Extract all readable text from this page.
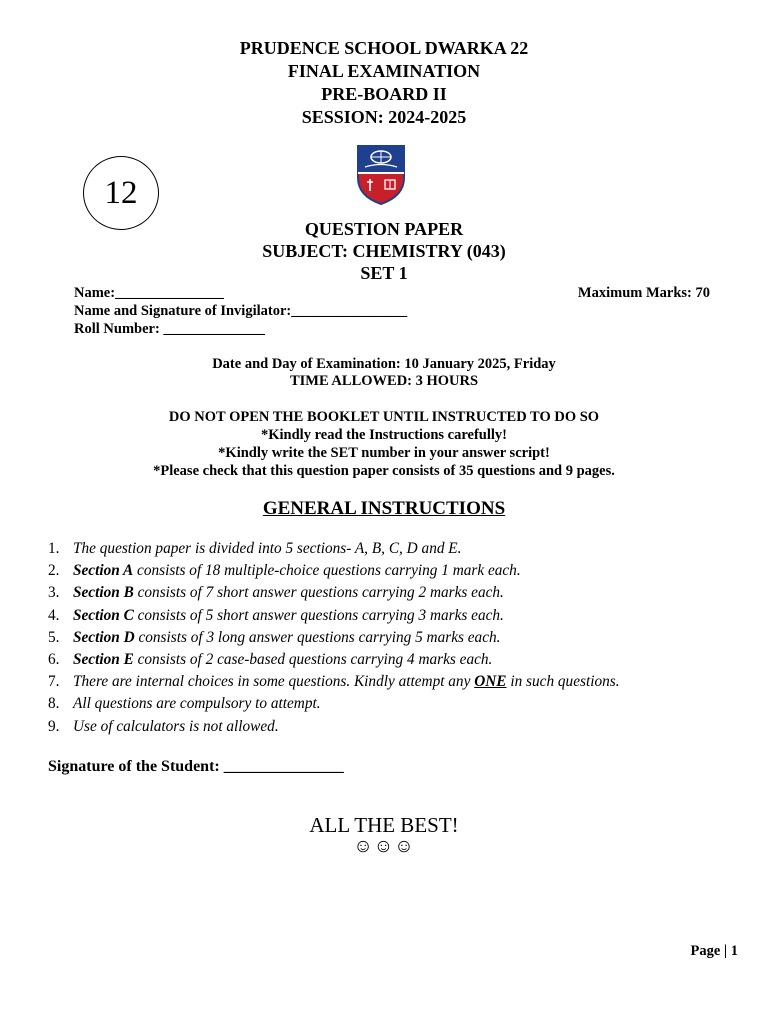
PRUDENCE SCHOOL DWARKA 22
FINAL EXAMINATION
PRE-BOARD II
SESSION: 2024-2025
12
QUESTION PAPER
SUBJECT: CHEMISTRY (043)
SET 1
Name:_______________	Maximum Marks: 70
Name and Signature of Invigilator:________________
Roll Number: ______________
Date and Day of Examination: 10 January 2025, Friday
TIME ALLOWED: 3 HOURS
DO NOT OPEN THE BOOKLET UNTIL INSTRUCTED TO DO SO
*Kindly read the Instructions carefully!
*Kindly write the SET number in your answer script!
*Please check that this question paper consists of 35 questions and 9 pages.
GENERAL INSTRUCTIONS
1. The question paper is divided into 5 sections- A, B, C, D and E.
2. Section A consists of 18 multiple-choice questions carrying 1 mark each.
3. Section B consists of 7 short answer questions carrying 2 marks each.
4. Section C consists of 5 short answer questions carrying 3 marks each.
5. Section D consists of 3 long answer questions carrying 5 marks each.
6. Section E consists of 2 case-based questions carrying 4 marks each.
7. There are internal choices in some questions. Kindly attempt any ONE in such questions.
8. All questions are compulsory to attempt.
9. Use of calculators is not allowed.
Signature of the Student: _______________
ALL THE BEST!
☺☺☺
Page | 1
